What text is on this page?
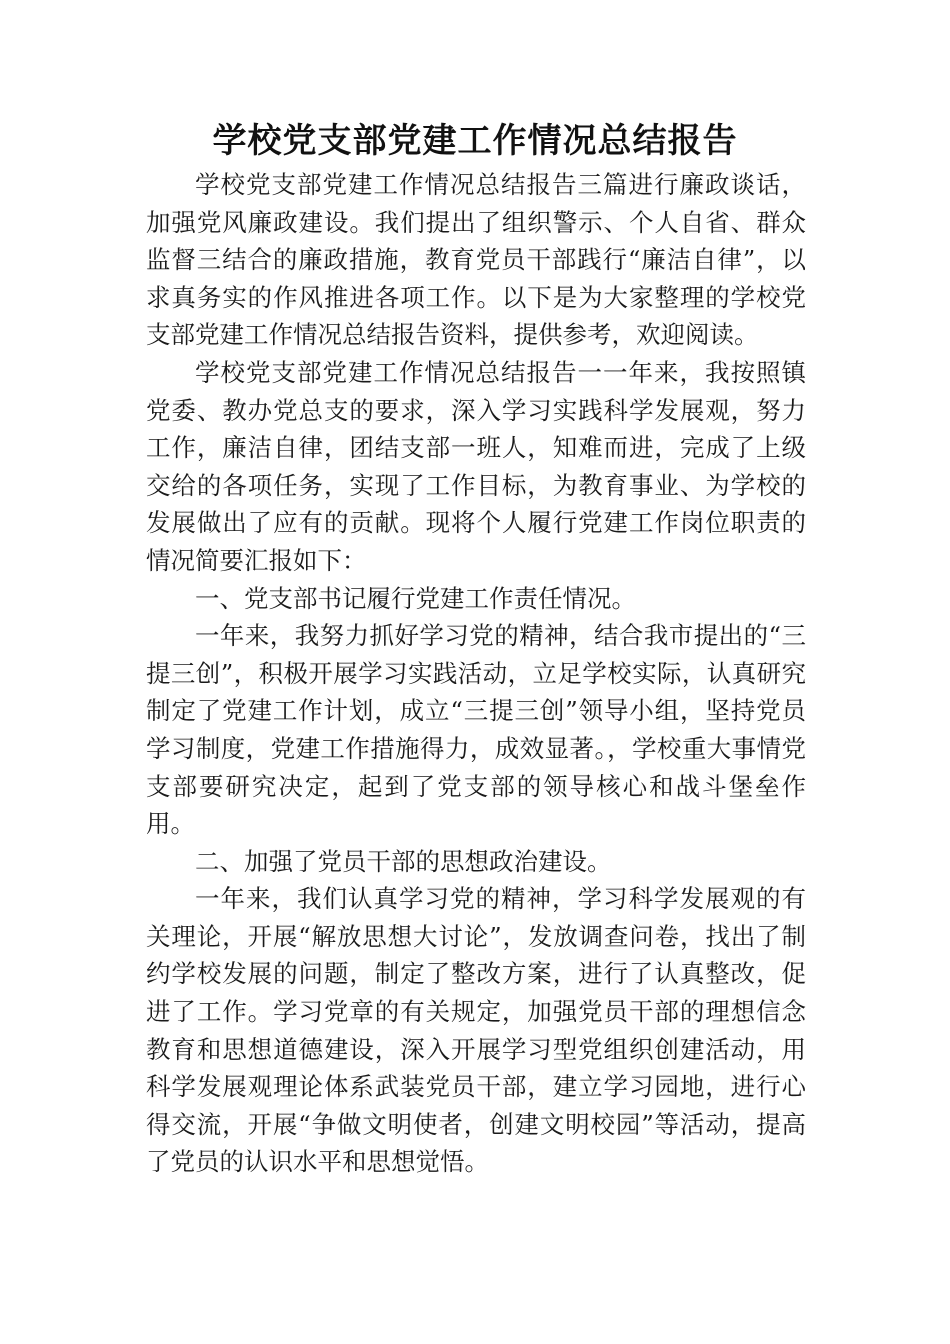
学校党支部党建工作情况总结报告

学校党支部党建工作情况总结报告三篇进行廉政谈话，加强党风廉政建设。我们提出了组织警示、个人自省、群众监督三结合的廉政措施，教育党员干部践行“廉洁自律”，以求真务实的作风推进各项工作。以下是为大家整理的学校党支部党建工作情况总结报告资料，提供参考，欢迎阅读。

学校党支部党建工作情况总结报告一一年来，我按照镇党委、教办党总支的要求，深入学习实践科学发展观，努力工作，廉洁自律，团结支部一班人，知难而进，完成了上级交给的各项任务，实现了工作目标，为教育事业、为学校的发展做出了应有的贡献。现将个人履行党建工作岗位职责的情况简要汇报如下：

一、党支部书记履行党建工作责任情况。

一年来，我努力抓好学习党的精神，结合我市提出的“三提三创”，积极开展学习实践活动，立足学校实际，认真研究制定了党建工作计划，成立“三提三创”领导小组，坚持党员学习制度，党建工作措施得力，成效显著。，学校重大事情党支部要研究决定，起到了党支部的领导核心和战斗堡垒作用。

二、加强了党员干部的思想政治建设。

一年来，我们认真学习党的精神，学习科学发展观的有关理论，开展“解放思想大讨论”，发放调查问卷，找出了制约学校发展的问题，制定了整改方案，进行了认真整改，促进了工作。学习党章的有关规定，加强党员干部的理想信念教育和思想道德建设，深入开展学习型党组织创建活动，用科学发展观理论体系武装党员干部，建立学习园地，进行心得交流，开展“争做文明使者，创建文明校园”等活动，提高了党员的认识水平和思想觉悟。
